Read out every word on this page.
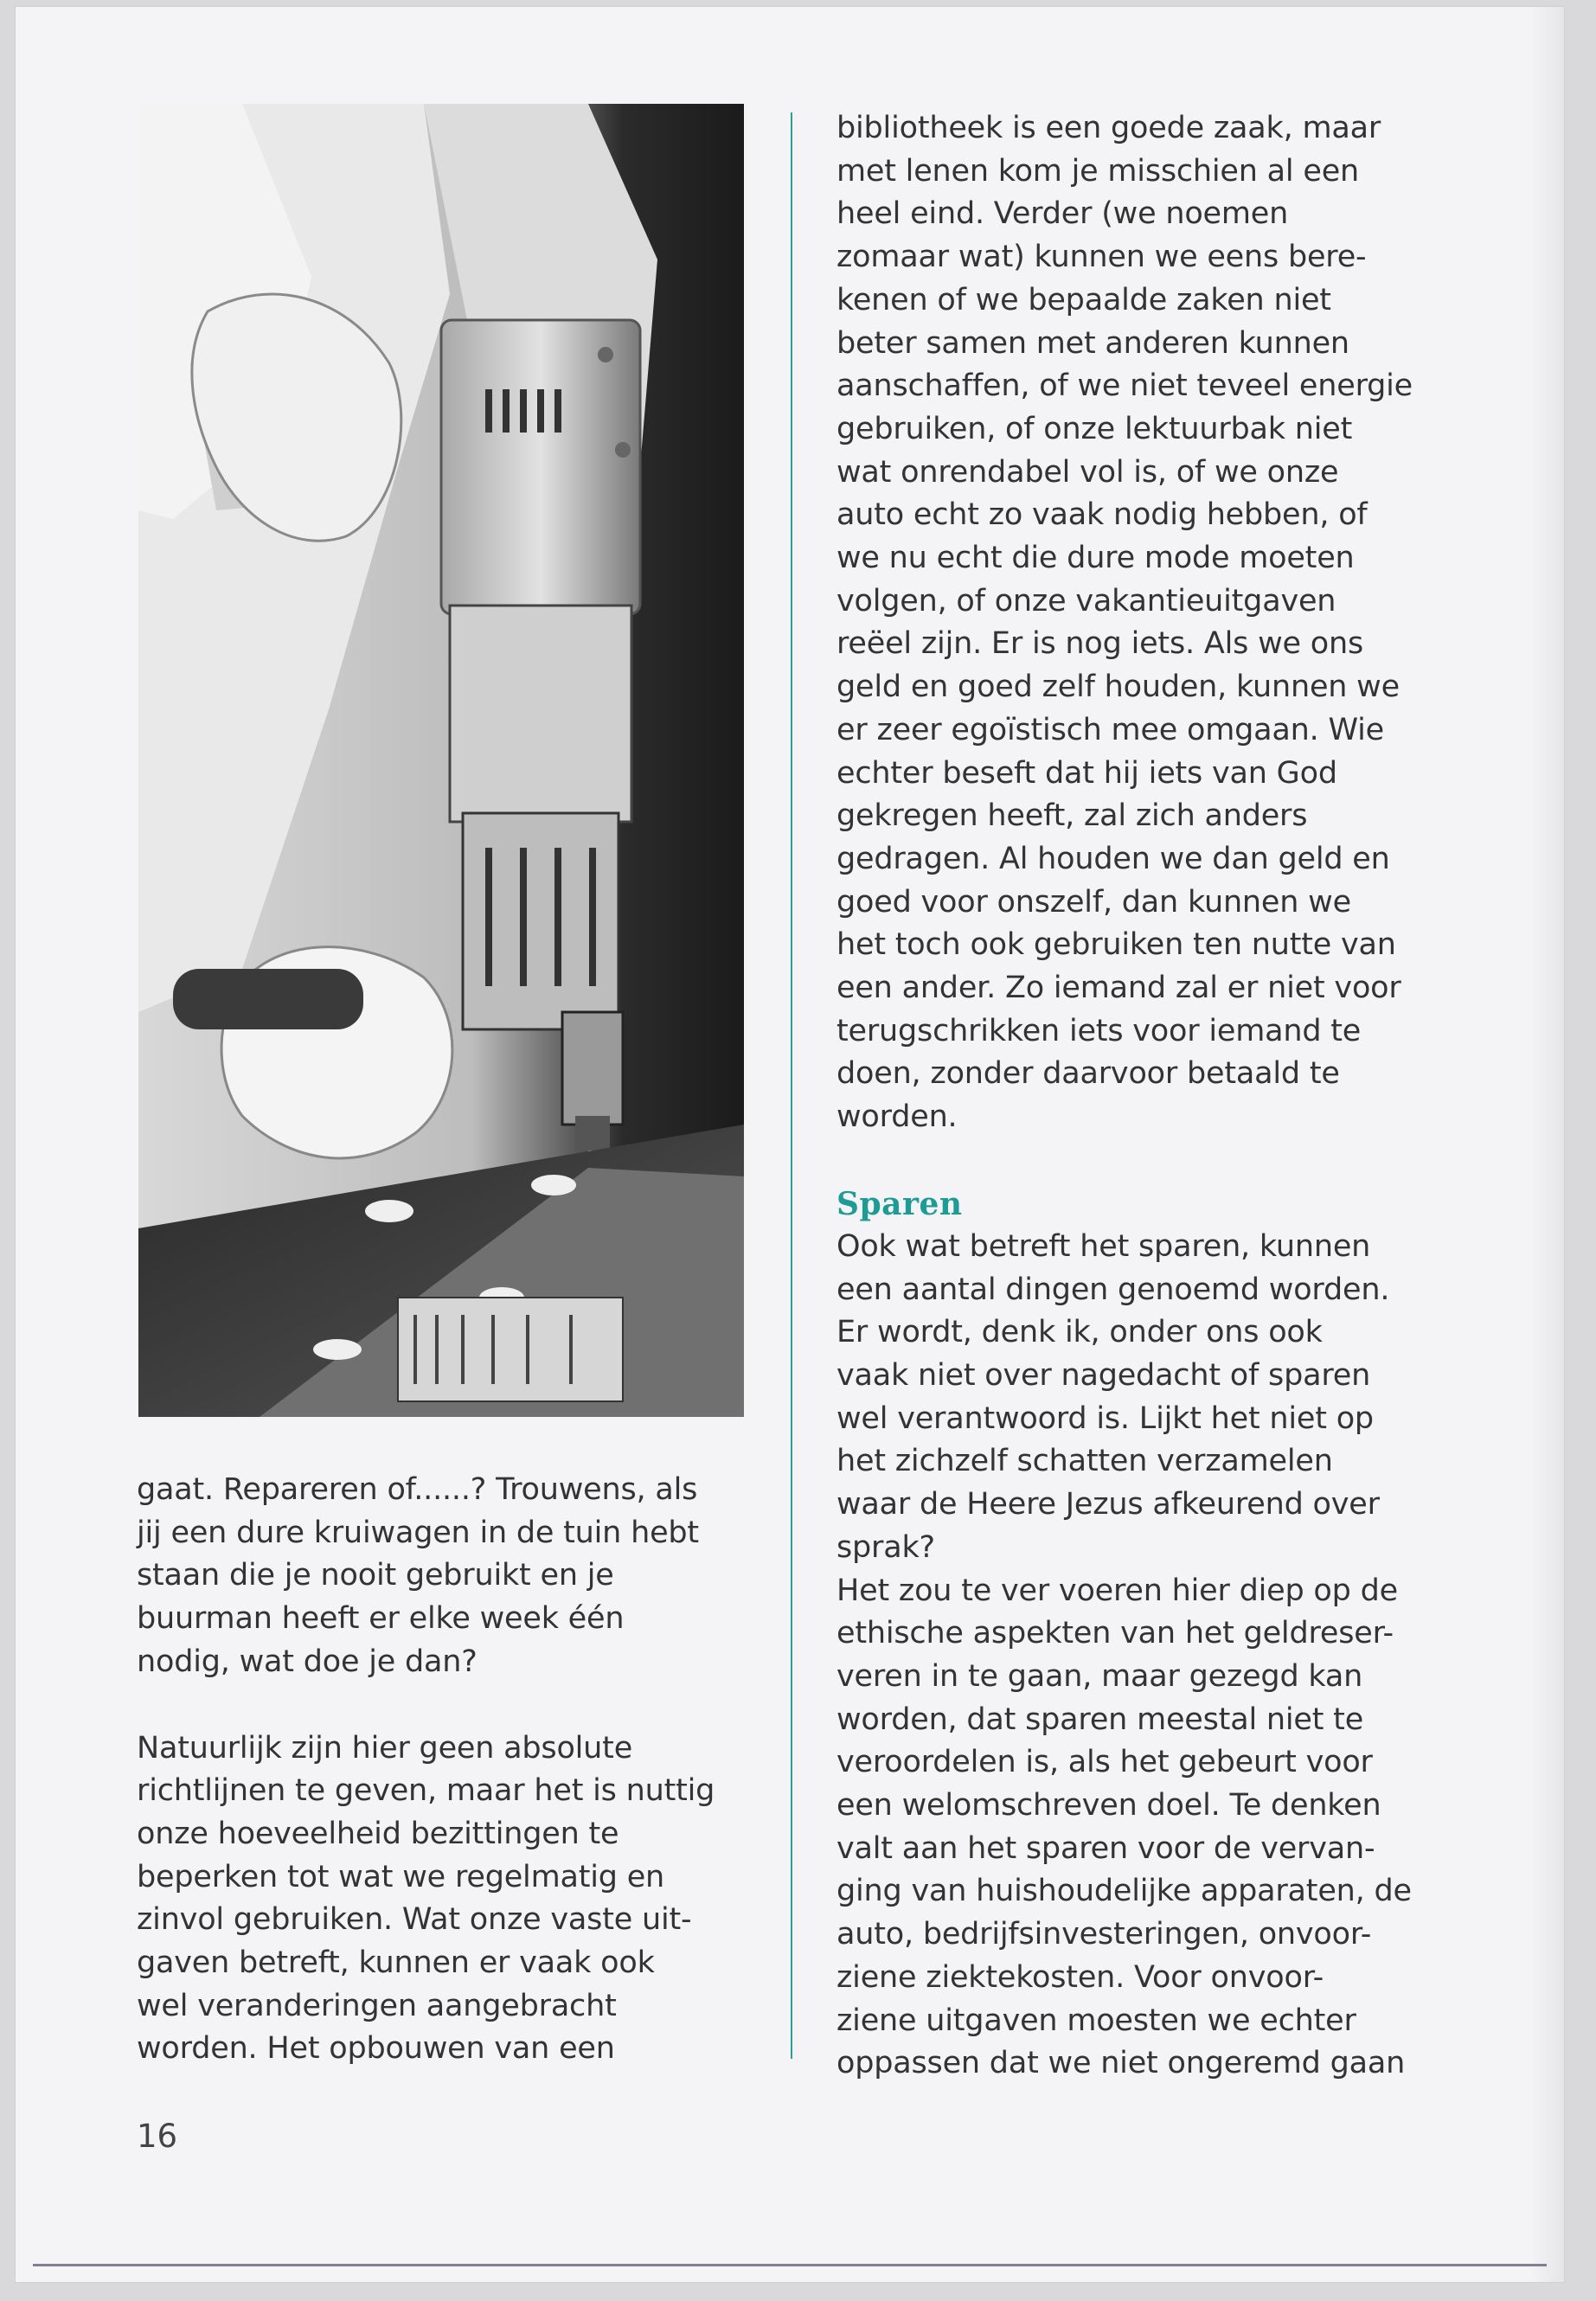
gaat. Repareren of......? Trouwens, als

jij een dure kruiwagen in de tuin hebt

staan die je nooit gebruikt en je

buurman heeft er elke week één

nodig, wat doe je dan?

Natuurlijk zijn hier geen absolute

richtlijnen te geven, maar het is nuttig

onze hoeveelheid bezittingen te

beperken tot wat we regelmatig en

zinvol gebruiken. Wat onze vaste uit-

gaven betreft, kunnen er vaak ook

wel veranderingen aangebracht

worden. Het opbouwen van een

bibliotheek is een goede zaak, maar

met lenen kom je misschien al een

heel eind. Verder (we noemen

zomaar wat) kunnen we eens bere-

kenen of we bepaalde zaken niet

beter samen met anderen kunnen

aanschaffen, of we niet teveel energie

gebruiken, of onze lektuurbak niet

wat onrendabel vol is, of we onze

auto echt zo vaak nodig hebben, of

we nu echt die dure mode moeten

volgen, of onze vakantieuitgaven

reëel zijn. Er is nog iets. Als we ons

geld en goed zelf houden, kunnen we

er zeer egoïstisch mee omgaan. Wie

echter beseft dat hij iets van God

gekregen heeft, zal zich anders

gedragen. Al houden we dan geld en

goed voor onszelf, dan kunnen we

het toch ook gebruiken ten nutte van

een ander. Zo iemand zal er niet voor

terugschrikken iets voor iemand te

doen, zonder daarvoor betaald te

worden.

Sparen

Ook wat betreft het sparen, kunnen

een aantal dingen genoemd worden.

Er wordt, denk ik, onder ons ook

vaak niet over nagedacht of sparen

wel verantwoord is. Lijkt het niet op

het zichzelf schatten verzamelen

waar de Heere Jezus afkeurend over

sprak?

Het zou te ver voeren hier diep op de

ethische aspekten van het geldreser-

veren in te gaan, maar gezegd kan

worden, dat sparen meestal niet te

veroordelen is, als het gebeurt voor

een welomschreven doel. Te denken

valt aan het sparen voor de vervan-

ging van huishoudelijke apparaten, de

auto, bedrijfsinvesteringen, onvoor-

ziene ziektekosten. Voor onvoor-

ziene uitgaven moesten we echter

oppassen dat we niet ongeremd gaan

16
